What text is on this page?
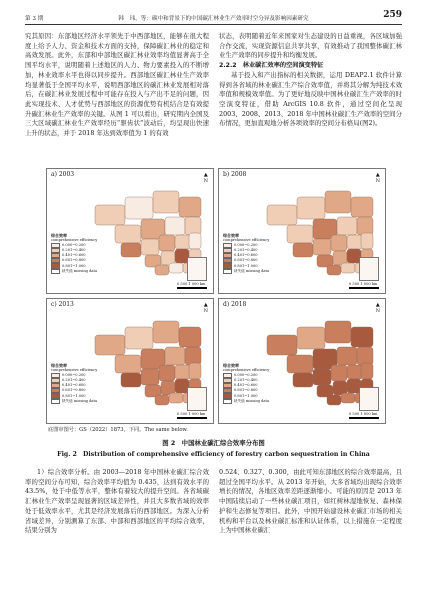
第 3 期	韩　玮，等：碳中和背景下的中国碳汇林业生产效率时空分异及影响因素研究	259

究其原因：东部地区经济水平领先于中西部地区，能够在很大程度上给予人力、资金和技术方面的支持，保障碳汇林业的稳定和高效发展。此外，东部和中部地区碳汇林业效率均值显著高于全国平均水平，说明随着上述地区的人力、物力要素投入的不断增加，林业效率水平也得以同步提升。西部地区碳汇林业生产效率均显著低于全国平均水平，说明西部地区的碳汇林业发展相对落后，在碳汇林业发展过程中可能存在投入与产出不足的问题，因此实现技术、人才优势与西部地区的资源优势有机结合是有效提升碳汇林业生产效率的关键。从图 1 可以看出，研究期内全国及三大区域碳汇林业生产效率经历“驱齿状”波动后，均呈现出快速上升的状态，并于 2018 年达到效率值为 1 的有效

状态，表明随着近年来国家对生态建设的日益重视，各区域加强合作交流，实现资源信息共享共享，有效推动了我国整体碳汇林业生产效率的同步提升和均衡发展。

2.2.2　林业碳汇效率的空间演变特征

基于投入和产出指标的相关数据，运用 DEAP2.1 软件计算得到各省域的林业碳汇生产综合效率值，并将其分解为纯技术效率值和规模效率值。为了更好地反映中国林业碳汇生产效率的时空演变特征，借助 ArcGIS 10.8 软件，通过空间化呈现 2003、2008、2013、2018 年中国林业碳汇生产效率的空间分布情况，更加直观地分析各项效率的空间分布格局(图2)。

a) 2003	▲
N
综合效率
comprehensive efficiency
0.000~0.200
0.201~0.400
0.401~0.600
0.601~0.800
0.801~1.000
缺失值 missing data
0 500 1 000 km
b) 2008	▲
N
综合效率
comprehensive efficiency
0.000~0.200
0.201~0.400
0.401~0.600
0.601~0.800
0.801~1.000
缺失值 missing data
0 500 1 000 km
c) 2013	▲
N
综合效率
comprehensive efficiency
0.000~0.200
0.201~0.400
0.401~0.600
0.601~0.800
0.801~1.000
缺失值 missing data
0 500 1 000 km
d) 2018	▲
N
综合效率
comprehensive efficiency
0.000~0.200
0.201~0.400
0.401~0.600
0.601~0.800
0.801~1.000
缺失值 missing data
0 500 1 000 km
底图审图号：GS（2022）1873，下同。The same below.
图 2　中国林业碳汇综合效率分布图
Fig. 2　Distribution of comprehensive efficiency of forestry carbon sequestration in China

1）综合效率分析。由 2003—2018 年中国林业碳汇综合效率的空间分布可知，综合效率平均值为 0.435，达到有效水平的 43.5%，处于中低等水平，整体有着较大的提升空间。各省域碳汇林业生产效率呈现显著的区域差异性，并且大多数省域的效率处于低效率水平，尤其是经济发展落后的西部地区。为深入分析省域差异，分别测算了东部、中部和西部地区的平均综合效率，结果分别为

0.524、0.327、0.300，由此可知东部地区的综合效率最高，且超过全国平均水平。从 2013 年开始，大多省域均出现综合效率增长的情况，各地区效率差距逐渐缩小。可能的原因是 2013 年中国陆续启动了一些林业碳汇项目，如红树林湿地恢复、森林保护和生态修复等项目。此外，中国开始建设林业碳汇市场的相关机构和平台以及林业碳汇标准和认证体系，以上措施在一定程度上为中国林业碳汇
